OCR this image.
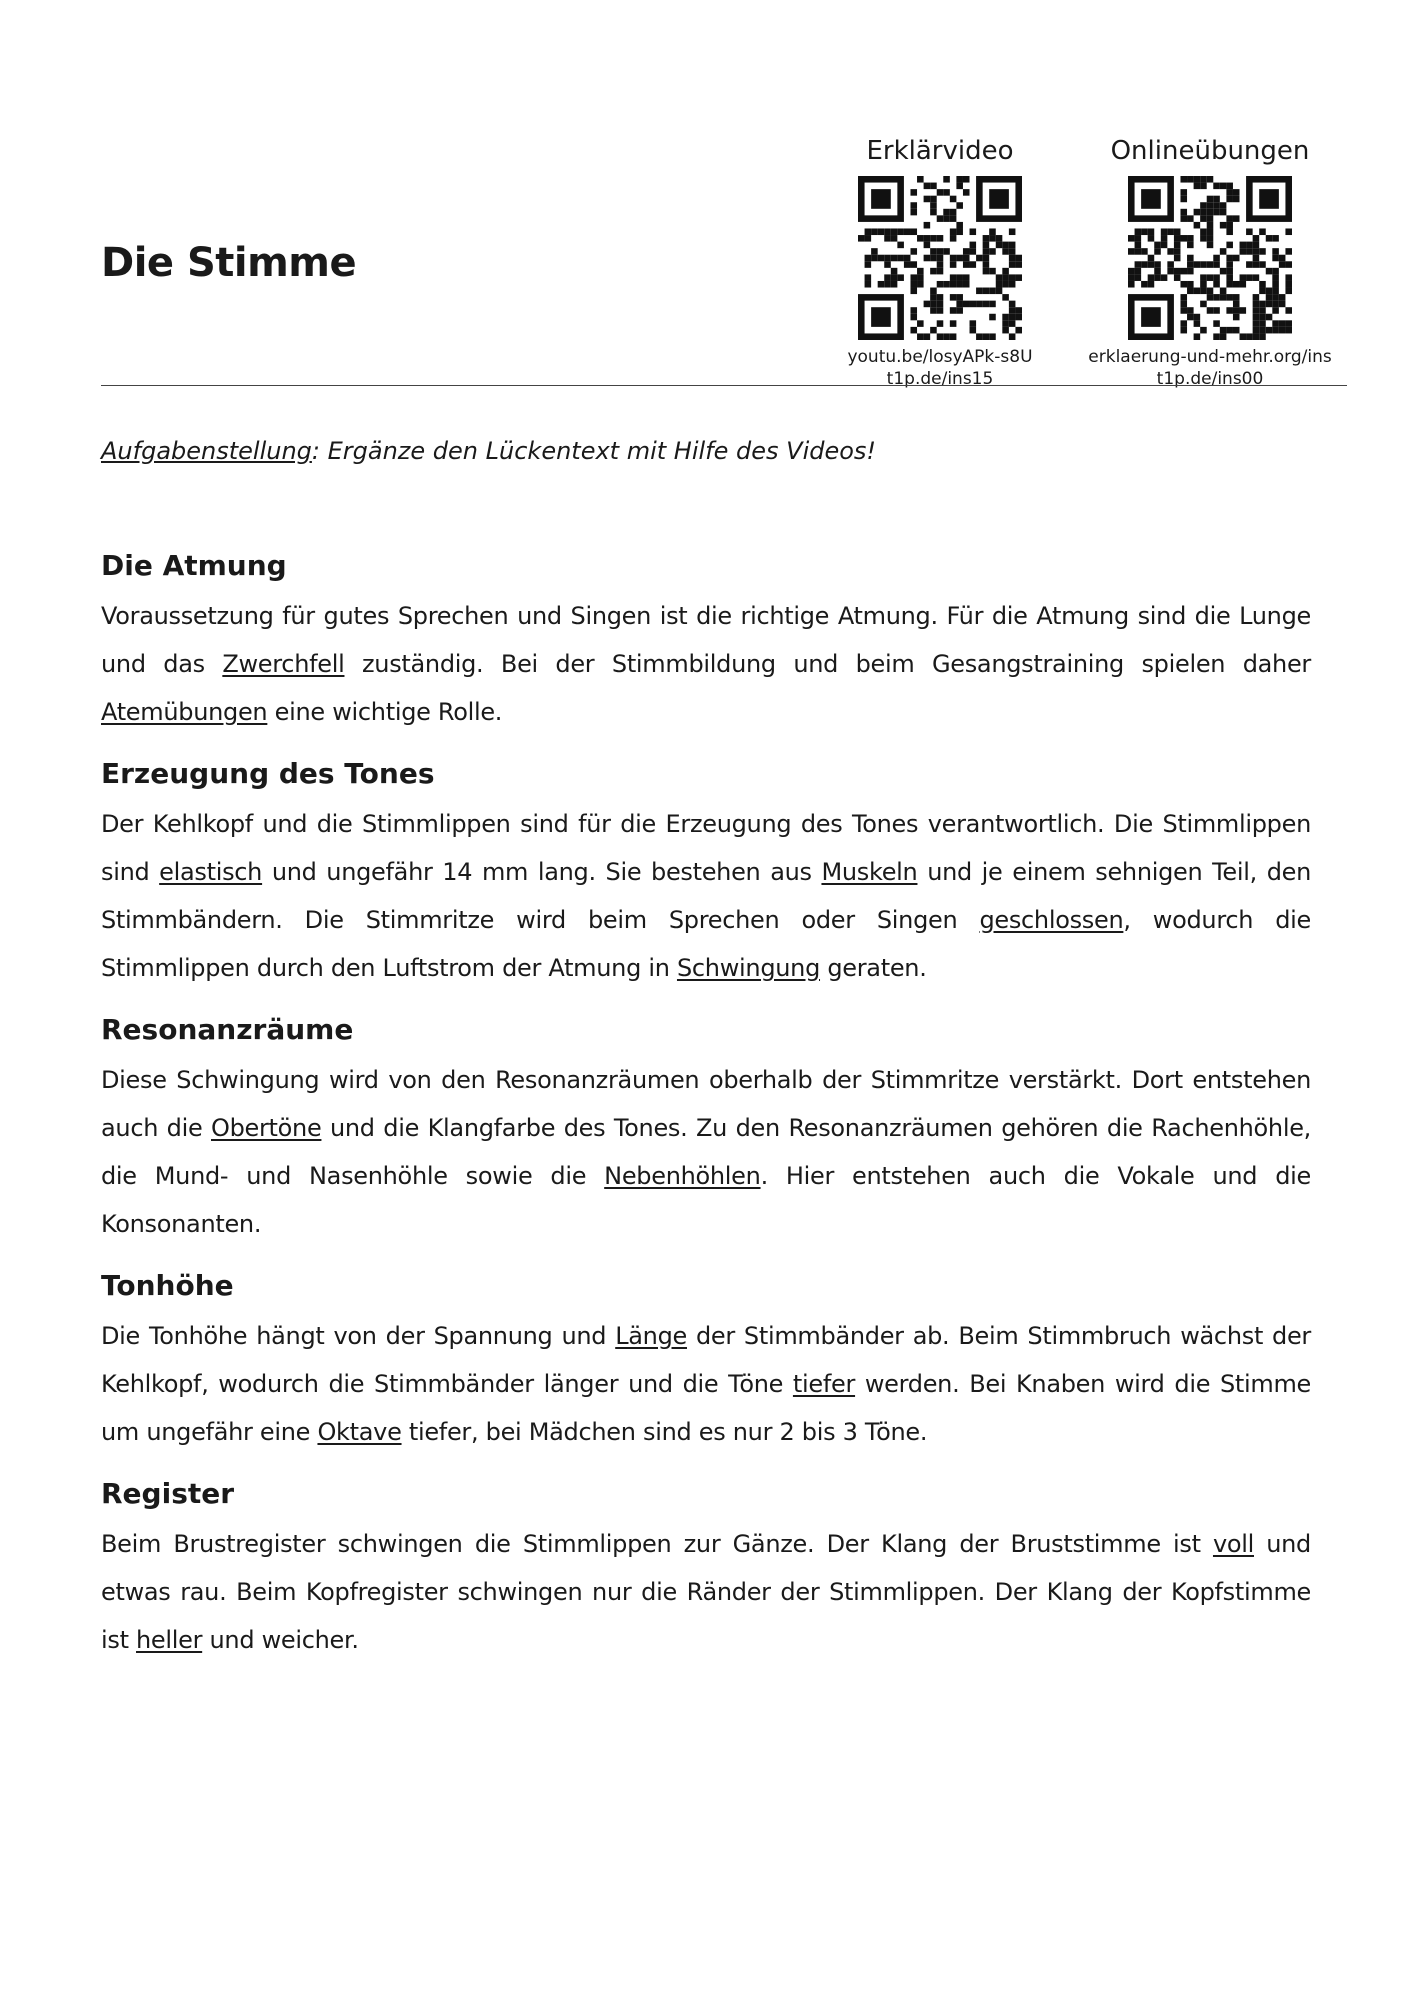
Die Stimme
Erklärvideo
youtu.be/losyAPk-s8U
t1p.de/ins15
Onlineübungen
erklaerung-und-mehr.org/ins
t1p.de/ins00

Aufgabenstellung: Ergänze den Lückentext mit Hilfe des Videos!

Die Atmung

Voraussetzung für gutes Sprechen und Singen ist die richtige Atmung. Für die Atmung sind die Lunge und das Zwerchfell zuständig. Bei der Stimmbildung und beim Gesangstraining spielen daher Atemübungen eine wichtige Rolle.

Erzeugung des Tones

Der Kehlkopf und die Stimmlippen sind für die Erzeugung des Tones verantwortlich. Die Stimmlippen sind elastisch und ungefähr 14 mm lang. Sie bestehen aus Muskeln und je einem sehnigen Teil, den Stimmbändern. Die Stimmritze wird beim Sprechen oder Singen geschlossen, wodurch die Stimmlippen durch den Luftstrom der Atmung in Schwingung geraten.

Resonanzräume

Diese Schwingung wird von den Resonanzräumen oberhalb der Stimmritze verstärkt. Dort entstehen auch die Obertöne und die Klangfarbe des Tones. Zu den Resonanzräumen gehören die Rachenhöhle, die Mund- und Nasenhöhle sowie die Nebenhöhlen. Hier entstehen auch die Vokale und die Konsonanten.

Tonhöhe

Die Tonhöhe hängt von der Spannung und Länge der Stimmbänder ab. Beim Stimmbruch wächst der Kehlkopf, wodurch die Stimmbänder länger und die Töne tiefer werden. Bei Knaben wird die Stimme um ungefähr eine Oktave tiefer, bei Mädchen sind es nur 2 bis 3 Töne.

Register

Beim Brustregister schwingen die Stimmlippen zur Gänze. Der Klang der Bruststimme ist voll und etwas rau. Beim Kopfregister schwingen nur die Ränder der Stimmlippen. Der Klang der Kopfstimme ist heller und weicher.
